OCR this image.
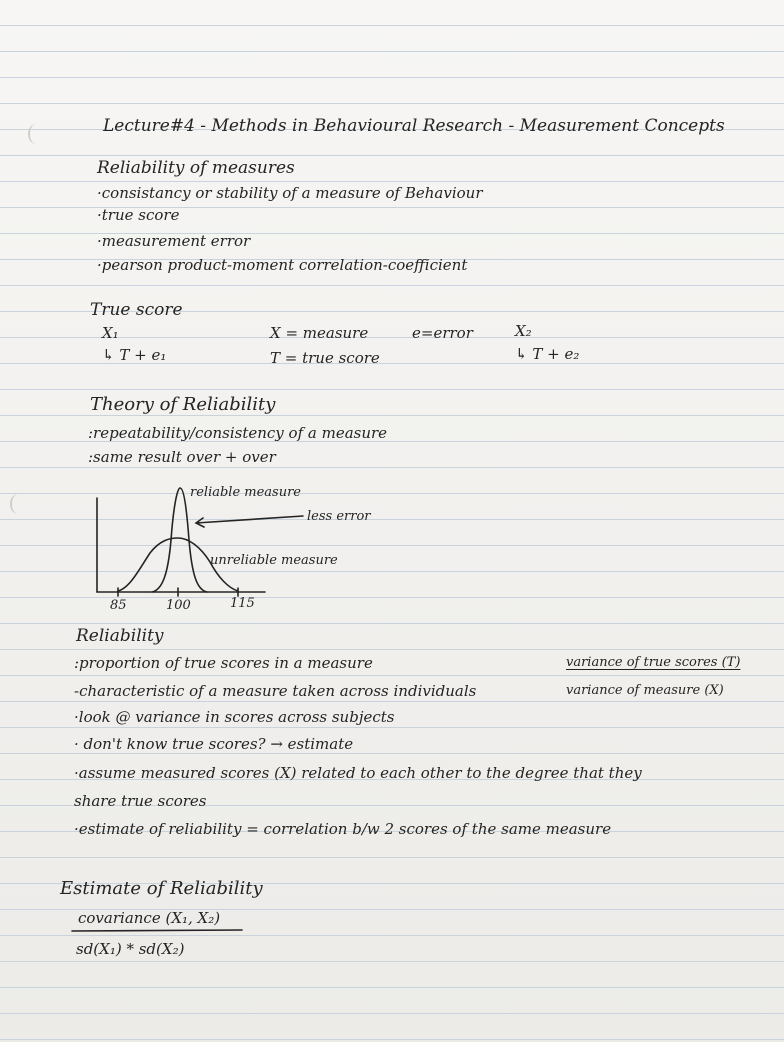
Lecture#4 - Methods in Behavioural Research - Measurement Concepts
Reliability of measures
·consistancy or stability of a measure of Behaviour
·true score
·measurement error
·pearson product-moment correlation-coefficient
True score
X₁
↳ T + e₁
X = measure
T = true score
e=error	X₂
↳ T + e₂
Theory of Reliability
:repeatability/consistency of a measure
:same result over + over
reliable measure
less error
unreliable measure
85	100	115
Reliability
:proportion of true scores in a measure
-characteristic of a measure taken across individuals
·look @ variance in scores across subjects
· don't know true scores? → estimate
·assume measured scores (X) related to each other to the degree that they
share true scores
·estimate of reliability = correlation b/w 2 scores of the same measure
variance of true scores (T)
variance of measure (X)
Estimate of Reliability
covariance (X₁, X₂)
sd(X₁) * sd(X₂)
